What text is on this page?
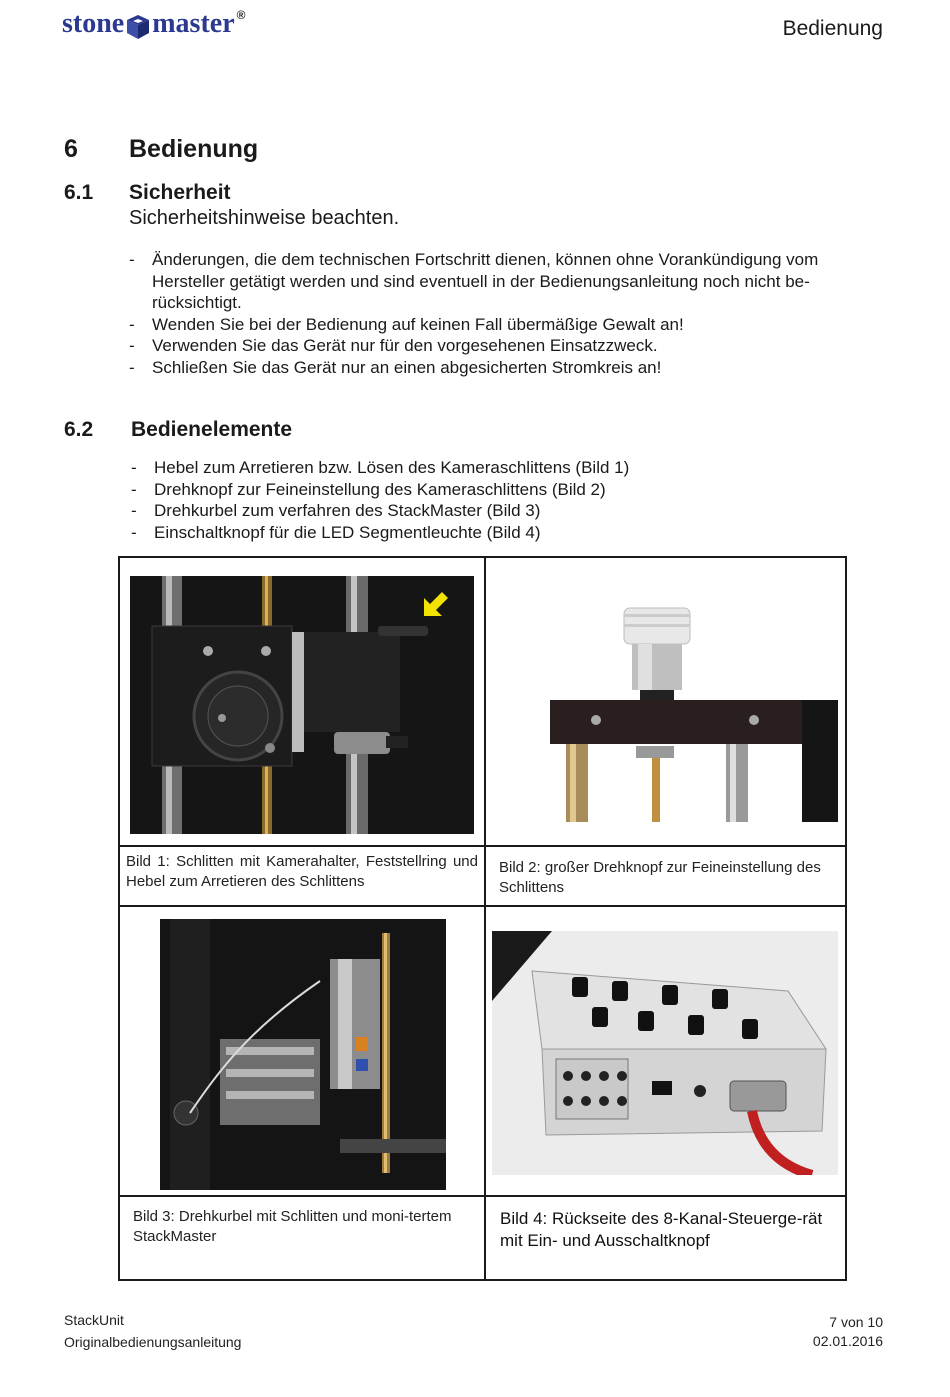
stone master ®
Bedienung
6 Bedienung
6.1 Sicherheit
Sicherheitshinweise beachten.
- Änderungen, die dem technischen Fortschritt dienen, können ohne Vorankündigung vom Hersteller getätigt werden und sind eventuell in der Bedienungsanleitung noch nicht be-rücksichtigt.
- Wenden Sie bei der Bedienung auf keinen Fall übermäßige Gewalt an!
- Verwenden Sie das Gerät nur für den vorgesehenen Einsatzzweck.
- Schließen Sie das Gerät nur an einen abgesicherten Stromkreis an!
6.2 Bedienelemente
- Hebel zum Arretieren bzw. Lösen des Kameraschlittens (Bild 1)
- Drehknopf zur Feineinstellung des Kameraschlittens (Bild 2)
- Drehkurbel zum verfahren des StackMaster (Bild 3)
- Einschaltknopf für die LED Segmentleuchte (Bild 4)

Bild 1: Schlitten mit Kamerahalter, Feststellring und Hebel zum Arretieren des Schlittens	Bild 2: großer Drehknopf zur Feineinstellung des Schlittens

Bild 3: Drehkurbel mit Schlitten und moni-tertem StackMaster	Bild 4: Rückseite des 8-Kanal-Steuerge-rät mit Ein- und Ausschaltknopf
StackUnit
Originalbedienungsanleitung
7 von 10
02.01.2016
